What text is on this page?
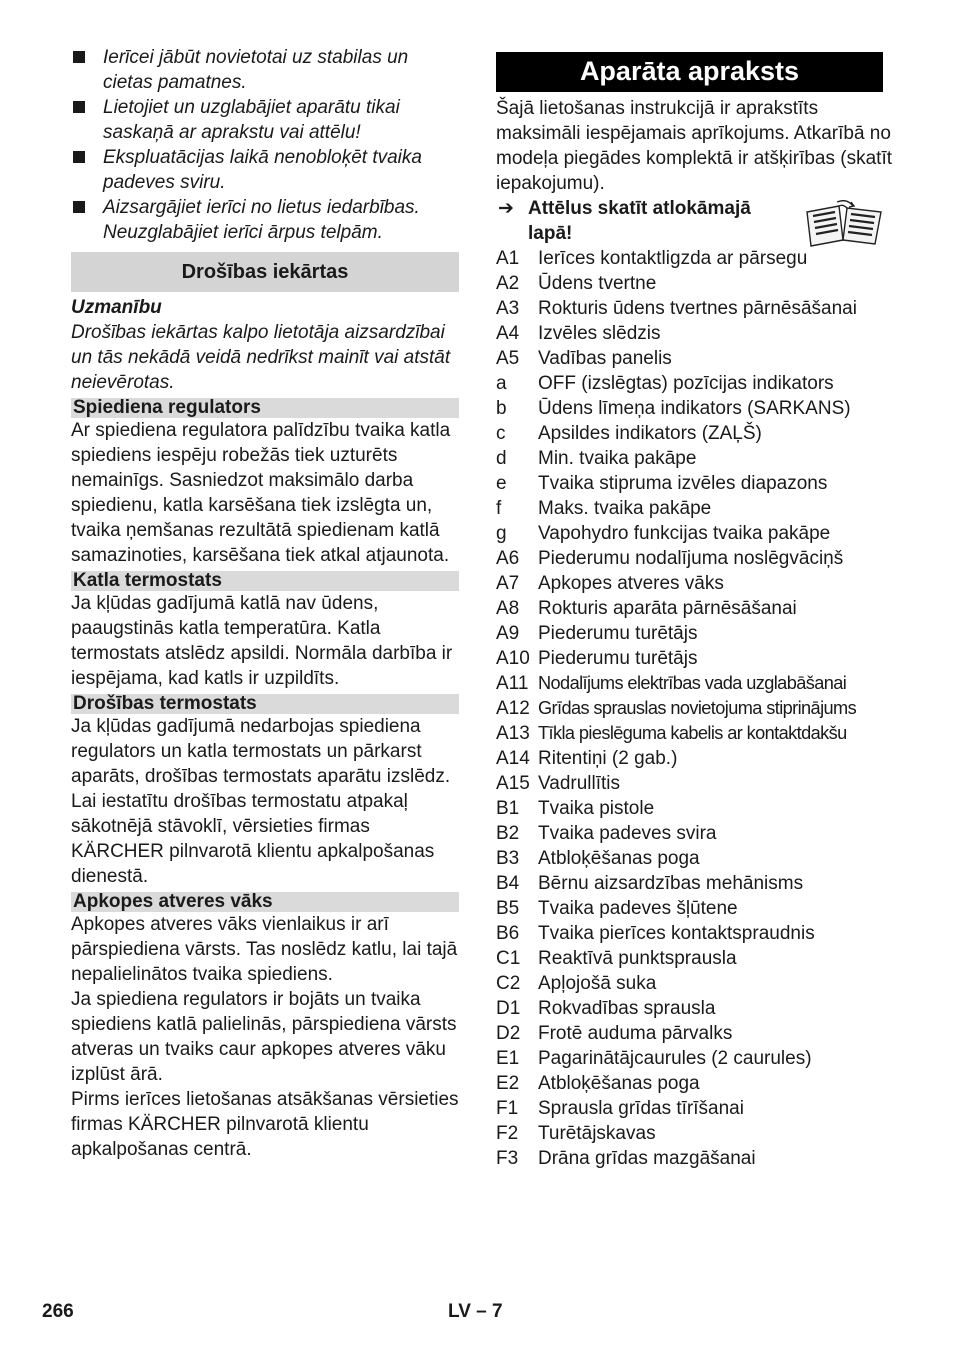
Ierīcei jābūt novietotai uz stabilas un cietas pamatnes.
Lietojiet un uzglabājiet aparātu tikai saskaņā ar aprakstu vai attēlu!
Ekspluatācijas laikā nenobloķēt tvaika padeves sviru.
Aizsargājiet ierīci no lietus iedarbības. Neuzglabājiet ierīci ārpus telpām.
Drošības iekārtas
Uzmanību

Drošības iekārtas kalpo lietotāja aizsardzībai un tās nekādā veidā nedrīkst mainīt vai atstāt neievērotas.

Spiediena regulators

Ar spiediena regulatora palīdzību tvaika katla spiediens iespēju robežās tiek uzturēts nemainīgs. Sasniedzot maksimālo darba spiedienu, katla karsēšana tiek izslēgta un, tvaika ņemšanas rezultātā spiedienam katlā samazinoties, karsēšana tiek atkal atjaunota.

Katla termostats

Ja kļūdas gadījumā katlā nav ūdens, paaugstinās katla temperatūra. Katla termostats atslēdz apsildi. Normāla darbība ir iespējama, kad katls ir uzpildīts.

Drošības termostats

Ja kļūdas gadījumā nedarbojas spiediena regulators un katla termostats un pārkarst aparāts, drošības termostats aparātu izslēdz. Lai iestatītu drošības termostatu atpakaļ sākotnējā stāvoklī, vērsieties firmas KÄRCHER pilnvarotā klientu apkalpošanas dienestā.

Apkopes atveres vāks

Apkopes atveres vāks vienlaikus ir arī pārspiediena vārsts. Tas noslēdz katlu, lai tajā nepalielinātos tvaika spiediens.

Ja spiediena regulators ir bojāts un tvaika spiediens katlā palielinās, pārspiediena vārsts atveras un tvaiks caur apkopes atveres vāku izplūst ārā.

Pirms ierīces lietošanas atsākšanas vērsieties firmas KÄRCHER pilnvarotā klientu apkalpošanas centrā.

Aparāta apraksts

Šajā lietošanas instrukcijā ir aprakstīts maksimāli iespējamais aprīkojums. Atkarībā no modeļa piegādes komplektā ir atšķirības (skatīt iepakojumu).

➔ Attēlus skatīt atlokāmajā lapā!
A1 Ierīces kontaktligzda ar pārsegu
A2 Ūdens tvertne
A3 Rokturis ūdens tvertnes pārnēsāšanai
A4 Izvēles slēdzis
A5 Vadības panelis
a	OFF (izslēgtas) pozīcijas indikators
b	Ūdens līmeņa indikators (SARKANS)
c	Apsildes indikators (ZAĻŠ)
d	Min. tvaika pakāpe
e	Tvaika stipruma izvēles diapazons
f	Maks. tvaika pakāpe
g	Vapohydro funkcijas tvaika pakāpe
A6 Piederumu nodalījuma noslēgvāciņš
A7 Apkopes atveres vāks
A8 Rokturis aparāta pārnēsāšanai
A9 Piederumu turētājs
A10 Piederumu turētājs
A11 Nodalījums elektrības vada uzglabāšanai
A12 Grīdas sprauslas novietojuma stiprinājums
A13 Tīkla pieslēguma kabelis ar kontaktdakšu
A14 Ritentiņi (2 gab.)
A15 Vadrullītis
B1 Tvaika pistole
B2 Tvaika padeves svira
B3 Atbloķēšanas poga
B4 Bērnu aizsardzības mehānisms
B5 Tvaika padeves šļūtene
B6 Tvaika pierīces kontaktspraudnis
C1 Reaktīvā punktsprausla
C2 Apļojošā suka
D1 Rokvadības sprausla
D2 Frotē auduma pārvalks
E1 Pagarinātājcaurules (2 caurules)
E2 Atbloķēšanas poga
F1	Sprausla grīdas tīrīšanai
F2	Turētājskavas
F3	Drāna grīdas mazgāšanai
266	LV – 7
